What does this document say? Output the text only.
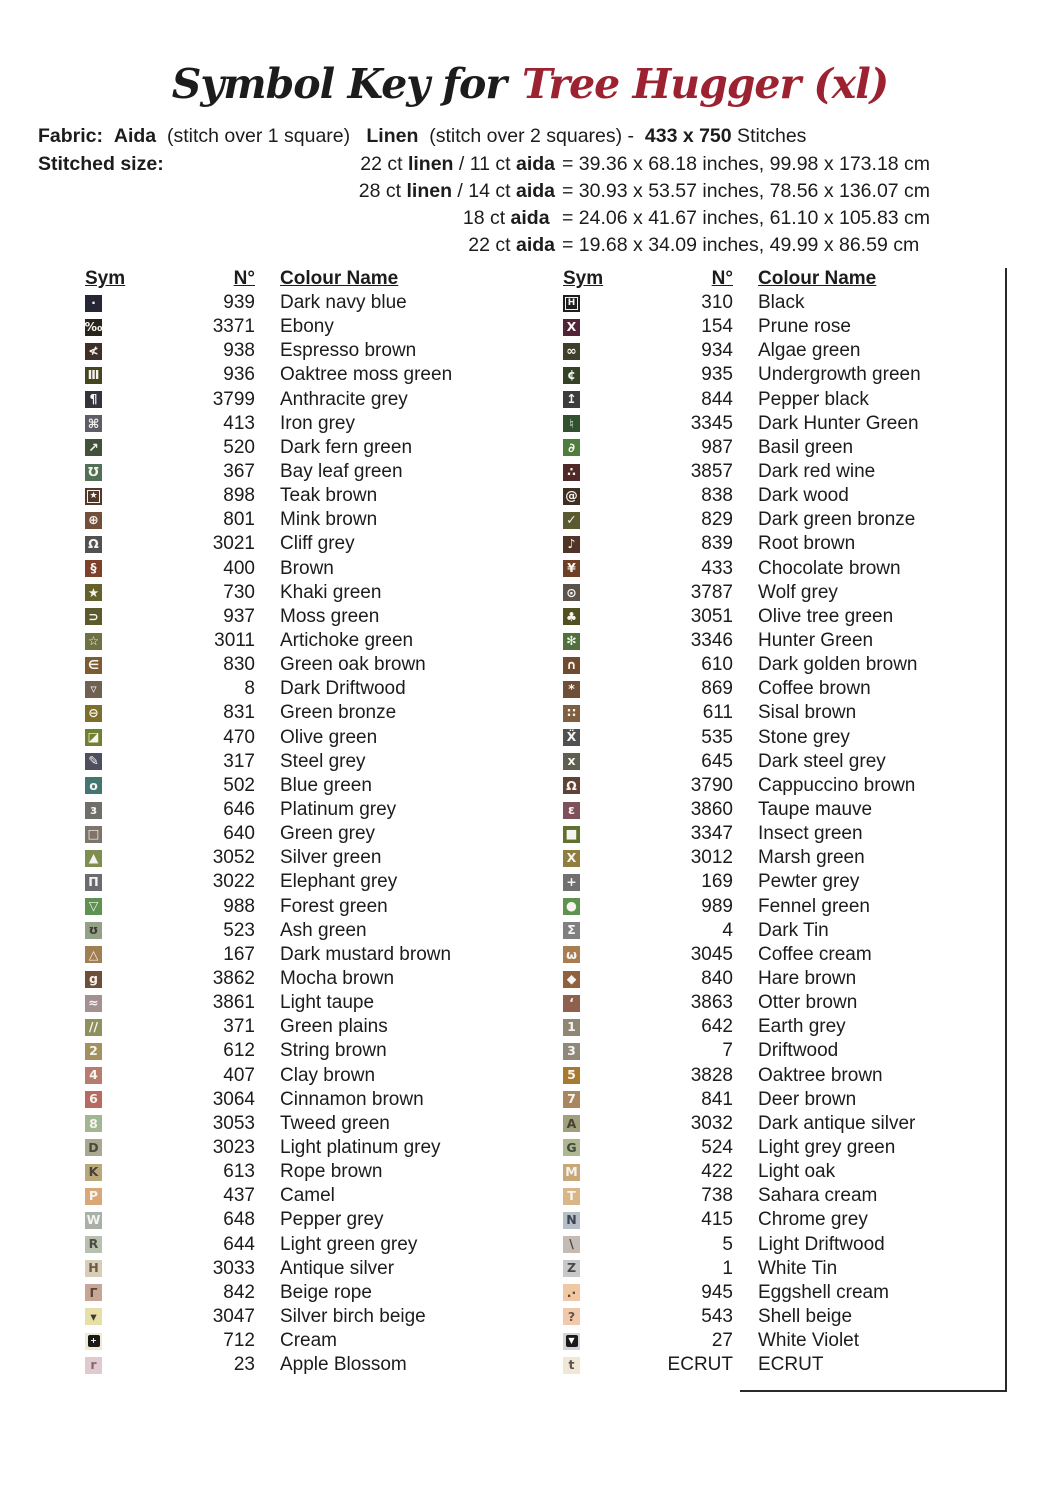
Symbol Key for Tree Hugger (xl)
Fabric: Aida  (stitch over 1 square)   Linen  (stitch over 2 squares) -  433 x 750 Stitches
Stitched size:	22 ct linen / 11 ct aida = 39.36 x 68.18 inches, 99.98 x 173.18 cm
28 ct linen / 14 ct aida = 30.93 x 53.57 inches, 78.56 x 136.07 cm
18 ct aida = 24.06 x 41.67 inches, 61.10 x 105.83 cm
22 ct aida = 19.68 x 34.09 inches, 49.99 x 86.59 cm
Sym	N° Colour Name
·	939 Dark navy blue
‰	3371 Ebony
≮	938 Espresso brown
Ⅲ	936 Oaktree moss green
¶	3799 Anthracite grey
⌘	413 Iron grey
↗	520 Dark fern green
℧	367 Bay leaf green
★	898 Teak brown
⊕	801 Mink brown
Ω	3021 Cliff grey
§	400 Brown
★	730 Khaki green
⊃	937 Moss green
☆	3011 Artichoke green
∈	830 Green oak brown
▿	8 Dark Driftwood
⊖	831 Green bronze
◪	470 Olive green
✎	317 Steel grey
o	502 Blue green
ɜ	646 Platinum grey
□	640 Green grey
▲	3052 Silver green
Π	3022 Elephant grey
▽	988 Forest green
ʊ	523 Ash green
△	167 Dark mustard brown
g	3862 Mocha brown
≈	3861 Light taupe
//	371 Green plains
2	612 String brown
4	407 Clay brown
6	3064 Cinnamon brown
8	3053 Tweed green
D	3023 Light platinum grey
K	613 Rope brown
P	437 Camel
W	648 Pepper grey
R	644 Light green grey
H	3033 Antique silver
Γ	842 Beige rope
▾	3047 Silver birch beige
+	712 Cream
r	23 Apple Blossom
Sym	N° Colour Name
H	310 Black
X	154 Prune rose
∞	934 Algae green
¢	935 Undergrowth green
↥	844 Pepper black
♮	3345 Dark Hunter Green
∂	987 Basil green
∴	3857 Dark red wine
@	838 Dark wood
✓	829 Dark green bronze
♪	839 Root brown
¥	433 Chocolate brown
⊙	3787 Wolf grey
♣	3051 Olive tree green
✻	3346 Hunter Green
∩	610 Dark golden brown
*	869 Coffee brown
∷	611 Sisal brown
Ẍ	535 Stone grey
x	645 Dark steel grey
Ω	3790 Cappuccino brown
ε	3860 Taupe mauve
■	3347 Insect green
Χ	3012 Marsh green
+	169 Pewter grey
●	989 Fennel green
Σ	4 Dark Tin
ω	3045 Coffee cream
◆	840 Hare brown
‘	3863 Otter brown
1	642 Earth grey
3	7 Driftwood
5	3828 Oaktree brown
7	841 Deer brown
A	3032 Dark antique silver
G	524 Light grey green
M	422 Light oak
T	738 Sahara cream
N	415 Chrome grey
\	5 Light Driftwood
Z	1 White Tin
.·	945 Eggshell cream
?	543 Shell beige
▼	27 White Violet
t	ECRUT ECRUT
